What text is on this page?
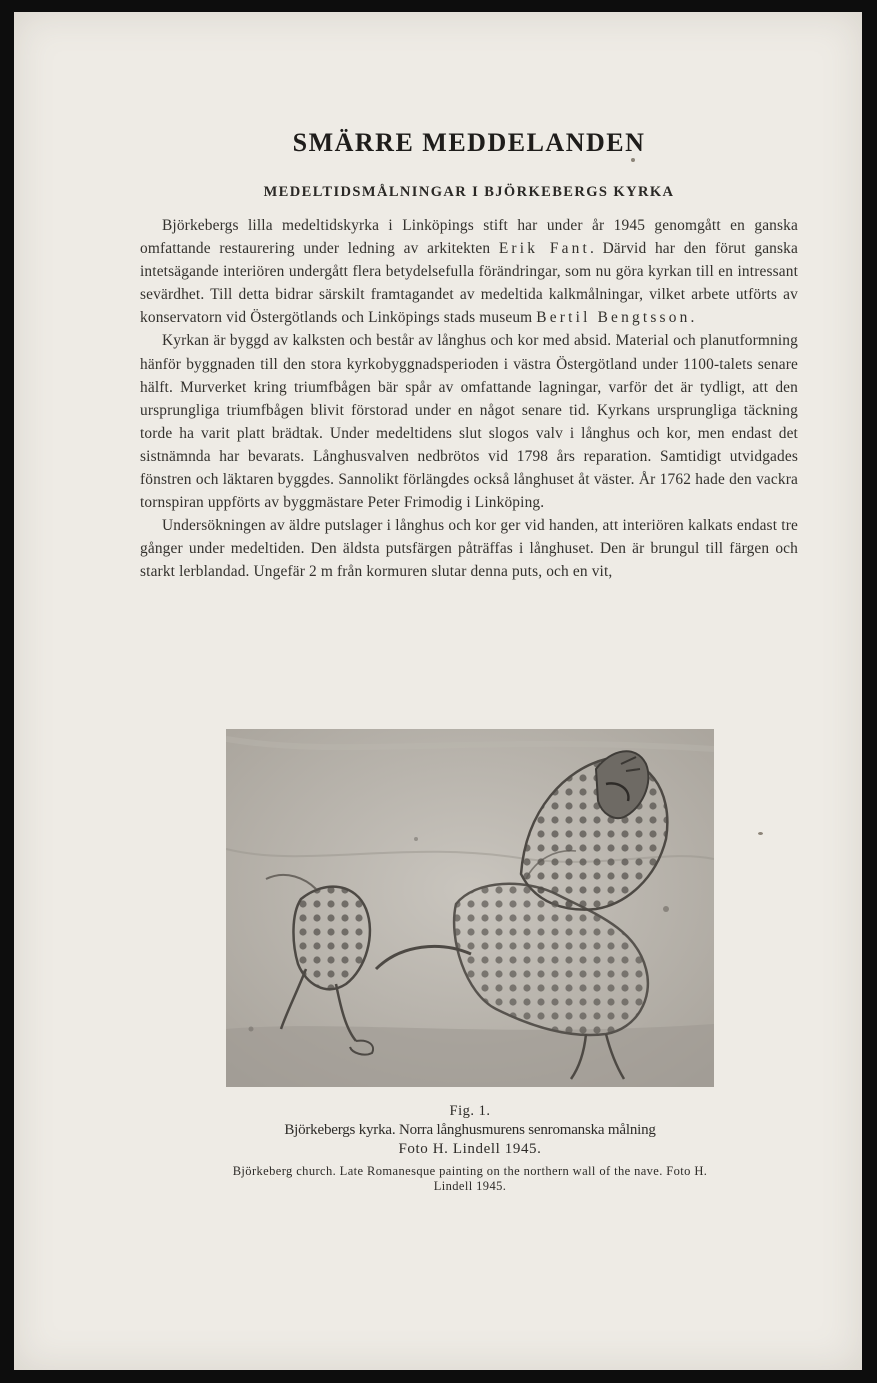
SMÄRRE MEDDELANDEN
MEDELTIDSMÅLNINGAR I BJÖRKEBERGS KYRKA

Björkebergs lilla medeltidskyrka i Linköpings stift har under år 1945 genomgått en ganska omfattande restaurering under ledning av arkitekten Erik Fant. Därvid har den förut ganska intetsägande interiören undergått flera betydelsefulla förändringar, som nu göra kyrkan till en intressant sevärdhet. Till detta bidrar särskilt framtagandet av medeltida kalkmålningar, vilket arbete utförts av konservatorn vid Östergötlands och Linköpings stads museum Bertil Bengtsson.

Kyrkan är byggd av kalksten och består av långhus och kor med absid. Material och planutformning hänför byggnaden till den stora kyrkobyggnadsperioden i västra Östergötland under 1100-talets senare hälft. Murverket kring triumfbågen bär spår av omfattande lagningar, varför det är tydligt, att den ursprungliga triumfbågen blivit förstorad under en något senare tid. Kyrkans ursprungliga täckning torde ha varit platt brädtak. Under medeltidens slut slogos valv i långhus och kor, men endast det sistnämnda har bevarats. Långhusvalven nedbrötos vid 1798 års reparation. Samtidigt utvidgades fönstren och läktaren byggdes. Sannolikt förlängdes också långhuset åt väster. År 1762 hade den vackra tornspiran uppförts av byggmästare Peter Frimodig i Linköping.

Undersökningen av äldre putslager i långhus och kor ger vid handen, att interiören kalkats endast tre gånger under medeltiden. Den äldsta putsfärgen påträffas i långhuset. Den är brungul till färgen och starkt lerblandad. Ungefär 2 m från kormuren slutar denna puts, och en vit,

Fig. 1.
Björkebergs kyrka. Norra långhusmurens senromanska målning
Foto H. Lindell 1945.
Björkeberg church. Late Romanesque painting on the northern wall of the nave. Foto H. Lindell 1945.
